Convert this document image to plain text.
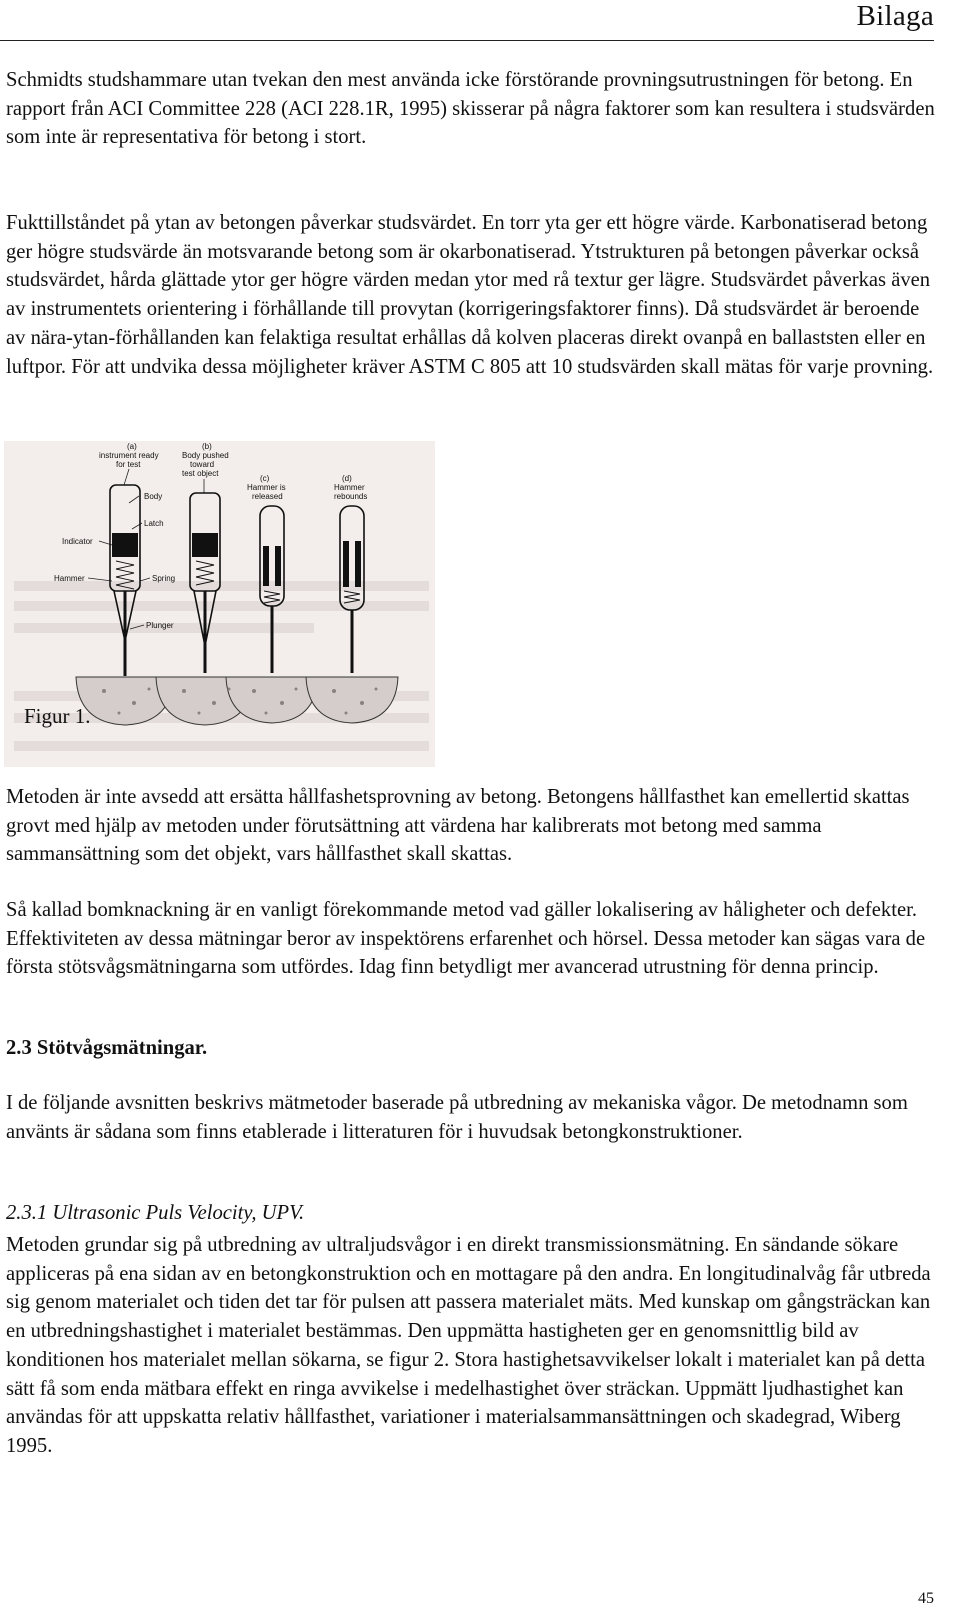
Bilaga

Schmidts studshammare utan tvekan den mest använda icke förstörande provningsutrustningen för betong. En rapport från ACI Committee 228 (ACI 228.1R, 1995) skisserar på några faktorer som kan resultera i studsvärden som inte är representativa för betong i stort.

Fukttillståndet på ytan av betongen påverkar studsvärdet. En torr yta ger ett högre värde. Karbonatiserad betong ger högre studsvärde än motsvarande betong som är okarbonatiserad. Ytstrukturen på betongen påverkar också studsvärdet, hårda glättade ytor ger högre värden medan ytor med rå textur ger lägre. Studsvärdet påverkas även av instrumentets orientering i förhållande till provytan (korrigeringsfaktorer finns). Då studsvärdet är beroende av nära-ytan-förhållanden kan felaktiga resultat erhållas då kolven placeras direkt ovanpå en ballaststen eller en luftpor. För att undvika dessa möjligheter kräver ASTM C 805 att 10 studsvärden skall mätas för varje provning.

(a)
instrument ready
for test
(b)
Body pushed
toward
test object
(c)
Hammer is
released
(d)
Hammer
rebounds
Body
Latch
Indicator
Hammer	Spring
Plunger
Figur 1.

Metoden är inte avsedd att ersätta hållfashetsprovning av betong. Betongens hållfasthet kan emellertid skattas grovt med hjälp av metoden under förutsättning att värdena har kalibrerats mot betong med samma sammansättning som det objekt, vars hållfasthet skall skattas.

Så kallad bomknackning är en vanligt förekommande metod vad gäller lokalisering av håligheter och defekter. Effektiviteten av dessa mätningar beror av inspektörens erfarenhet och hörsel. Dessa metoder kan sägas vara de första stötsvågsmätningarna som utfördes. Idag finn betydligt mer avancerad utrustning för denna princip.

2.3 Stötvågsmätningar.

I de följande avsnitten beskrivs mätmetoder baserade på utbredning av mekaniska vågor. De metodnamn som använts är sådana som finns etablerade i litteraturen för i huvudsak betongkonstruktioner.

2.3.1 Ultrasonic Puls Velocity, UPV.

Metoden grundar sig på utbredning av ultraljudsvågor i en direkt transmissionsmätning. En sändande sökare appliceras på ena sidan av en betongkonstruktion och en mottagare på den andra. En longitudinalvåg får utbreda sig genom materialet och tiden det tar för pulsen att passera materialet mäts. Med kunskap om gångsträckan kan en utbredningshastighet i materialet bestämmas. Den uppmätta hastigheten ger en genomsnittlig bild av konditionen hos materialet mellan sökarna, se figur 2. Stora hastighetsavvikelser lokalt i materialet kan på detta sätt få som enda mätbara effekt en ringa avvikelse i medelhastighet över sträckan. Uppmätt ljudhastighet kan användas för att uppskatta relativ hållfasthet, variationer i materialsammansättningen och skadegrad, Wiberg 1995.

45
